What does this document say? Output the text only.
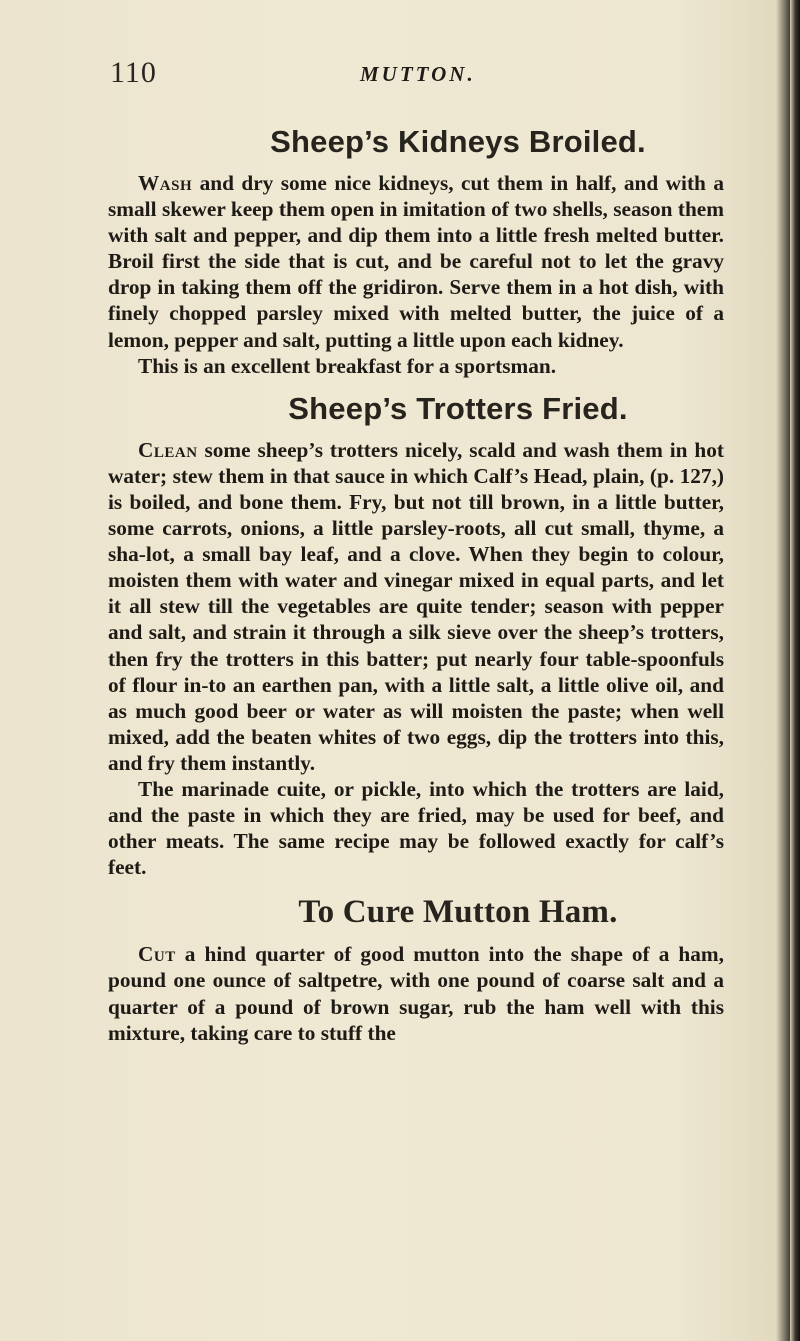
110	MUTTON.
Sheep’s Kidneys Broiled.

Wash and dry some nice kidneys, cut them in half, and with a small skewer keep them open in imitation of two shells, season them with salt and pepper, and dip them into a little fresh melted butter. Broil first the side that is cut, and be careful not to let the gravy drop in taking them off the gridiron. Serve them in a hot dish, with finely chopped parsley mixed with melted butter, the juice of a lemon, pepper and salt, putting a little upon each kidney.

This is an excellent breakfast for a sportsman.

Sheep’s Trotters Fried.

Clean some sheep’s trotters nicely, scald and wash them in hot water; stew them in that sauce in which Calf’s Head, plain, (p. 127,) is boiled, and bone them. Fry, but not till brown, in a little butter, some carrots, onions, a little parsley-roots, all cut small, thyme, a sha-lot, a small bay leaf, and a clove. When they begin to colour, moisten them with water and vinegar mixed in equal parts, and let it all stew till the vegetables are quite tender; season with pepper and salt, and strain it through a silk sieve over the sheep’s trotters, then fry the trotters in this batter; put nearly four table-spoonfuls of flour in-to an earthen pan, with a little salt, a little olive oil, and as much good beer or water as will moisten the paste; when well mixed, add the beaten whites of two eggs, dip the trotters into this, and fry them instantly.

The marinade cuite, or pickle, into which the trotters are laid, and the paste in which they are fried, may be used for beef, and other meats. The same recipe may be followed exactly for calf’s feet.

To Cure Mutton Ham.

Cut a hind quarter of good mutton into the shape of a ham, pound one ounce of saltpetre, with one pound of coarse salt and a quarter of a pound of brown sugar, rub the ham well with this mixture, taking care to stuff the
